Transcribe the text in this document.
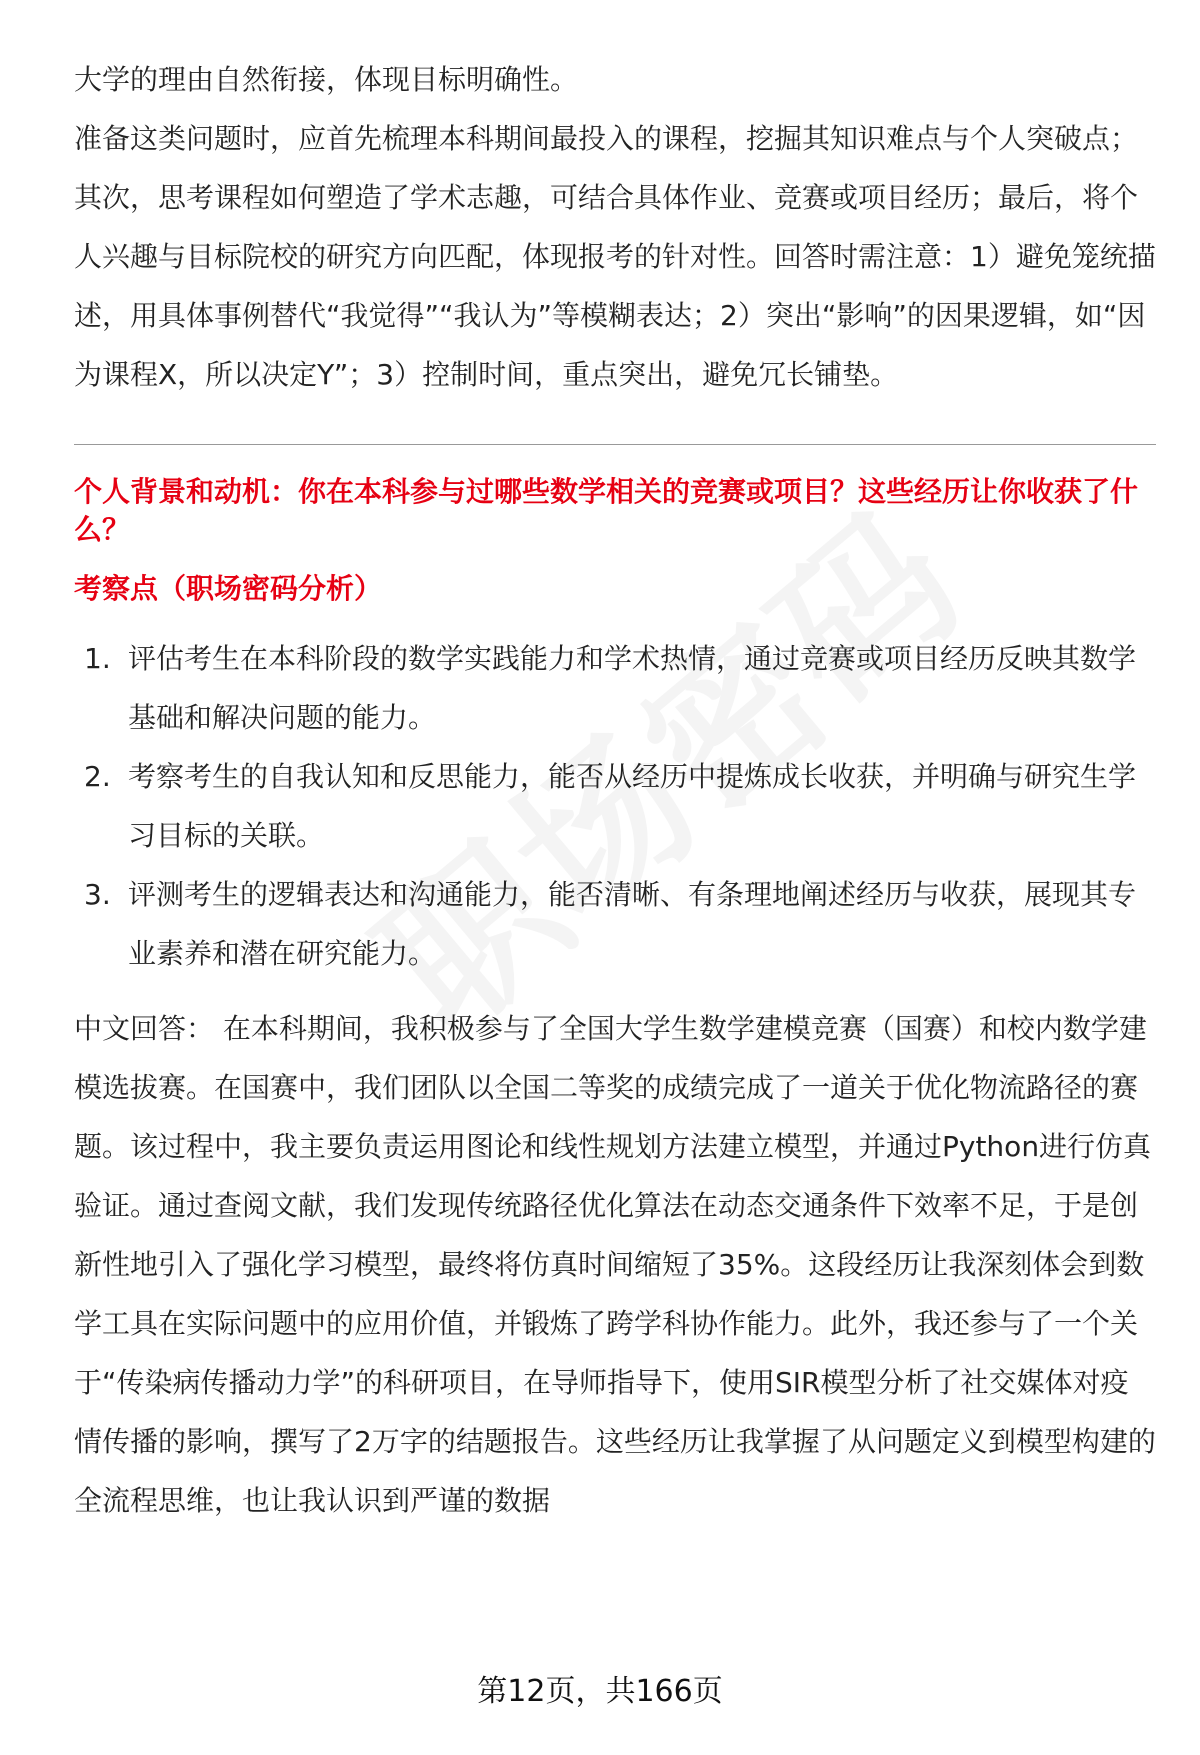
大学的理由自然衔接，体现目标明确性。

准备这类问题时，应首先梳理本科期间最投入的课程，挖掘其知识难点与个人突破点；其次，思考课程如何塑造了学术志趣，可结合具体作业、竞赛或项目经历；最后，将个人兴趣与目标院校的研究方向匹配，体现报考的针对性。回答时需注意：1）避免笼统描述，用具体事例替代“我觉得”“我认为”等模糊表达；2）突出“影响”的因果逻辑，如“因为课程X，所以决定Y”；3）控制时间，重点突出，避免冗长铺垫。

个人背景和动机：你在本科参与过哪些数学相关的竞赛或项目？这些经历让你收获了什么？

考察点（职场密码分析）

1. 评估考生在本科阶段的数学实践能力和学术热情，通过竞赛或项目经历反映其数学基础和解决问题的能力。
2. 考察考生的自我认知和反思能力，能否从经历中提炼成长收获，并明确与研究生学习目标的关联。
3. 评测考生的逻辑表达和沟通能力，能否清晰、有条理地阐述经历与收获，展现其专业素养和潜在研究能力。

中文回答： 在本科期间，我积极参与了全国大学生数学建模竞赛（国赛）和校内数学建模选拔赛。在国赛中，我们团队以全国二等奖的成绩完成了一道关于优化物流路径的赛题。该过程中，我主要负责运用图论和线性规划方法建立模型，并通过Python进行仿真验证。通过查阅文献，我们发现传统路径优化算法在动态交通条件下效率不足，于是创新性地引入了强化学习模型，最终将仿真时间缩短了35%。这段经历让我深刻体会到数学工具在实际问题中的应用价值，并锻炼了跨学科协作能力。此外，我还参与了一个关于“传染病传播动力学”的科研项目，在导师指导下，使用SIR模型分析了社交媒体对疫情传播的影响，撰写了2万字的结题报告。这些经历让我掌握了从问题定义到模型构建的全流程思维，也让我认识到严谨的数据

第12页，共166页
